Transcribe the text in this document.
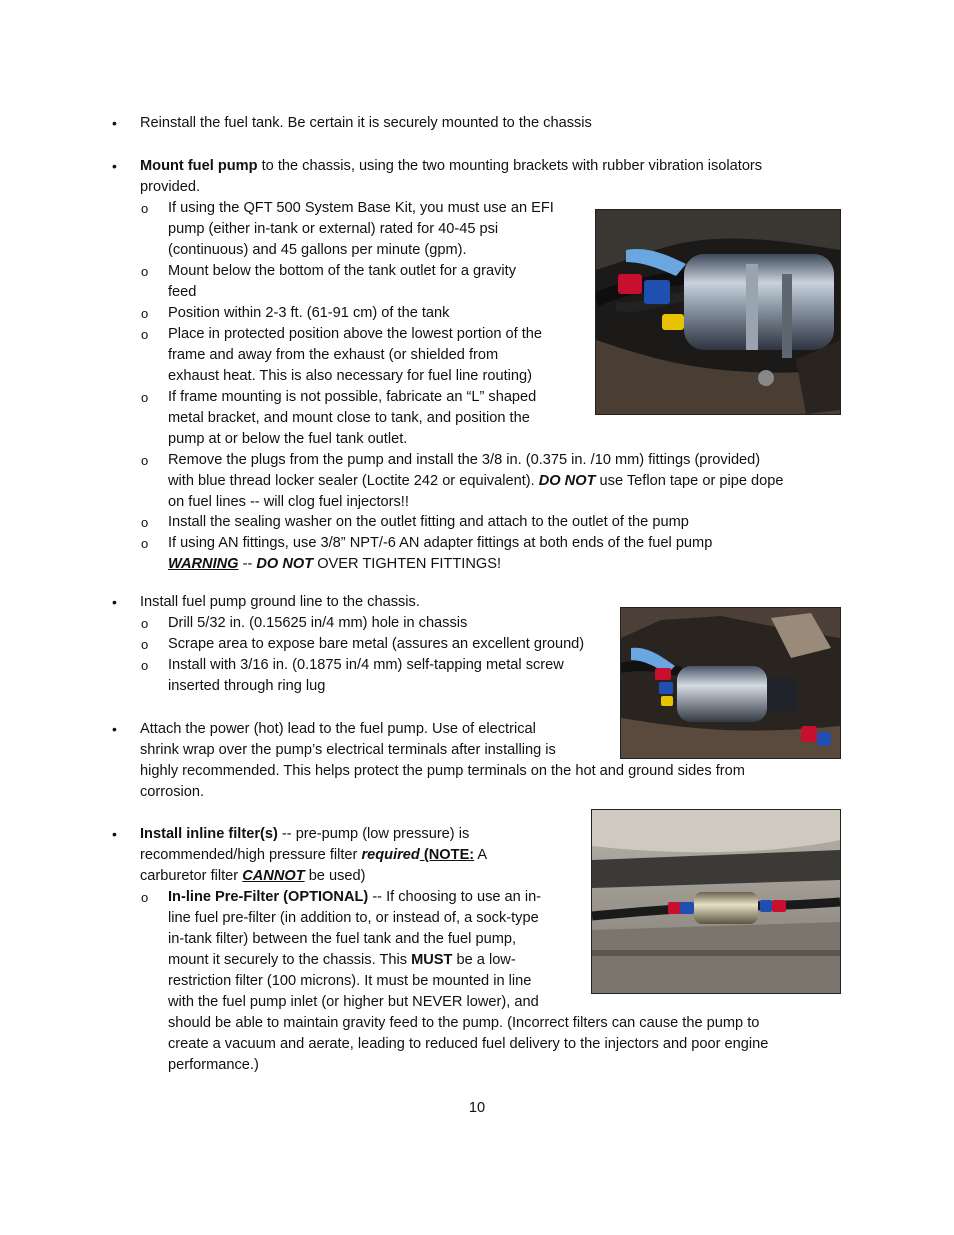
• Reinstall the fuel tank. Be certain it is securely mounted to the chassis
• Mount fuel pump to the chassis, using the two mounting brackets with rubber vibration isolators
provided.
o If using the QFT 500 System Base Kit, you must use an EFI
pump (either in-tank or external) rated for 40-45 psi
(continuous) and 45 gallons per minute (gpm).
o Mount below the bottom of the tank outlet for a gravity
feed
o Position within 2-3 ft. (61-91 cm) of the tank
o Place in protected position above the lowest portion of the
frame and away from the exhaust (or shielded from
exhaust heat. This is also necessary for fuel line routing)
o If frame mounting is not possible, fabricate an “L” shaped
metal bracket, and mount close to tank, and position the
pump at or below the fuel tank outlet.
o Remove the plugs from the pump and install the 3/8 in. (0.375 in. /10 mm) fittings (provided)
with blue thread locker sealer (Loctite 242 or equivalent). DO NOT use Teflon tape or pipe dope
on fuel lines -- will clog fuel injectors!!
o Install the sealing washer on the outlet fitting and attach to the outlet of the pump
o If using AN fittings, use 3/8” NPT/-6 AN adapter fittings at both ends of the fuel pump
WARNING -- DO NOT OVER TIGHTEN FITTINGS!
• Install fuel pump ground line to the chassis.
o Drill 5/32 in. (0.15625 in/4 mm) hole in chassis
o Scrape area to expose bare metal (assures an excellent ground)
o Install with 3/16 in. (0.1875 in/4 mm) self-tapping metal screw
inserted through ring lug
• Attach the power (hot) lead to the fuel pump. Use of electrical
shrink wrap over the pump’s electrical terminals after installing is
highly recommended. This helps protect the pump terminals on the hot and ground sides from
corrosion.
• Install inline filter(s) -- pre-pump (low pressure) is
recommended/high pressure filter required (NOTE: A
carburetor filter CANNOT be used)
o In-line Pre-Filter (OPTIONAL) -- If choosing to use an in-
line fuel pre-filter (in addition to, or instead of, a sock-type
in-tank filter) between the fuel tank and the fuel pump,
mount it securely to the chassis. This MUST be a low-
restriction filter (100 microns). It must be mounted in line
with the fuel pump inlet (or higher but NEVER lower), and
should be able to maintain gravity feed to the pump. (Incorrect filters can cause the pump to
create a vacuum and aerate, leading to reduced fuel delivery to the injectors and poor engine
performance.)
10
